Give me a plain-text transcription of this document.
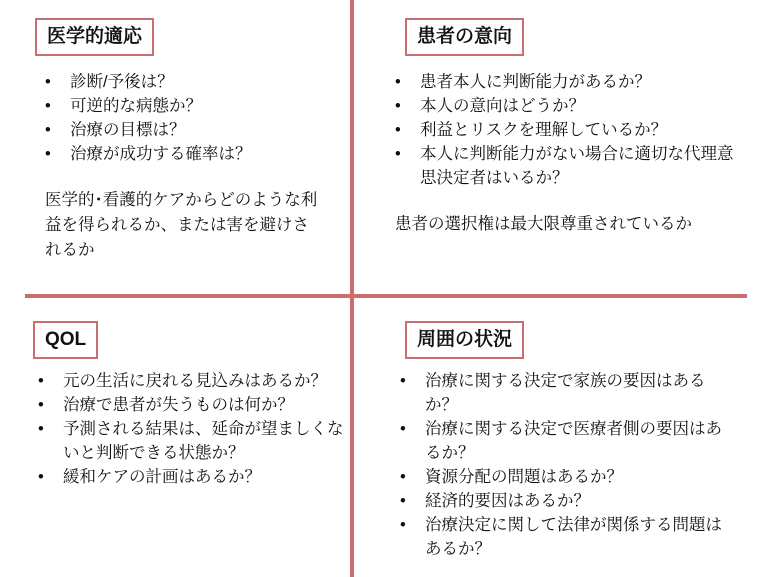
医学的適応
• 診断/予後は？
• 可逆的な病態か？
• 治療の目標は？
• 治療が成功する確率は？
医学的･看護的ケアからどのような利益を得られるか、または害を避けされるか
患者の意向
• 患者本人に判断能力があるか？
• 本人の意向はどうか？
• 利益とリスクを理解しているか？
• 本人に判断能力がない場合に適切な代理意思決定者はいるか？
患者の選択権は最大限尊重されているか
QOL
• 元の生活に戻れる見込みはあるか？
• 治療で患者が失うものは何か？
• 予測される結果は、延命が望ましくないと判断できる状態か？
• 緩和ケアの計画はあるか？
周囲の状況
• 治療に関する決定で家族の要因はあるか？
• 治療に関する決定で医療者側の要因はあるか？
• 資源分配の問題はあるか？
• 経済的要因はあるか？
• 治療決定に関して法律が関係する問題はあるか？
